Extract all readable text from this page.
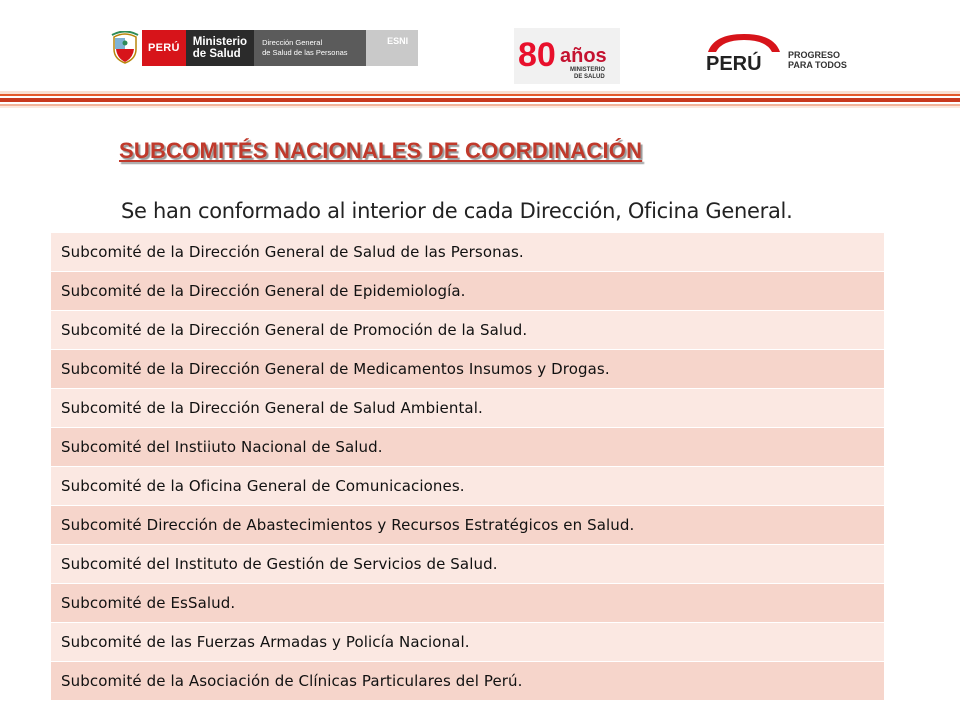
PERÚ Ministerio
de Salud
Dirección General
de Salud de las Personas
ESNI	80 años
MINISTERIO
DE SALUD
PERÚ	PROGRESO
PARA TODOS
SUBCOMITÉS NACIONALES DE COORDINACIÓN

Se han conformado al interior de cada Dirección, Oficina General.

Subcomité de la Dirección General de Salud de las Personas.
Subcomité de la Dirección General de Epidemiología.
Subcomité de la Dirección General de Promoción de la Salud.
Subcomité de la Dirección General de Medicamentos Insumos y Drogas.
Subcomité de la Dirección General de Salud Ambiental.
Subcomité del Instiiuto Nacional de Salud.
Subcomité de la Oficina General de Comunicaciones.
Subcomité Dirección de Abastecimientos y Recursos Estratégicos en Salud.
Subcomité del Instituto de Gestión de Servicios de Salud.
Subcomité de EsSalud.
Subcomité de las Fuerzas Armadas y Policía Nacional.
Subcomité de la Asociación de Clínicas Particulares del Perú.
